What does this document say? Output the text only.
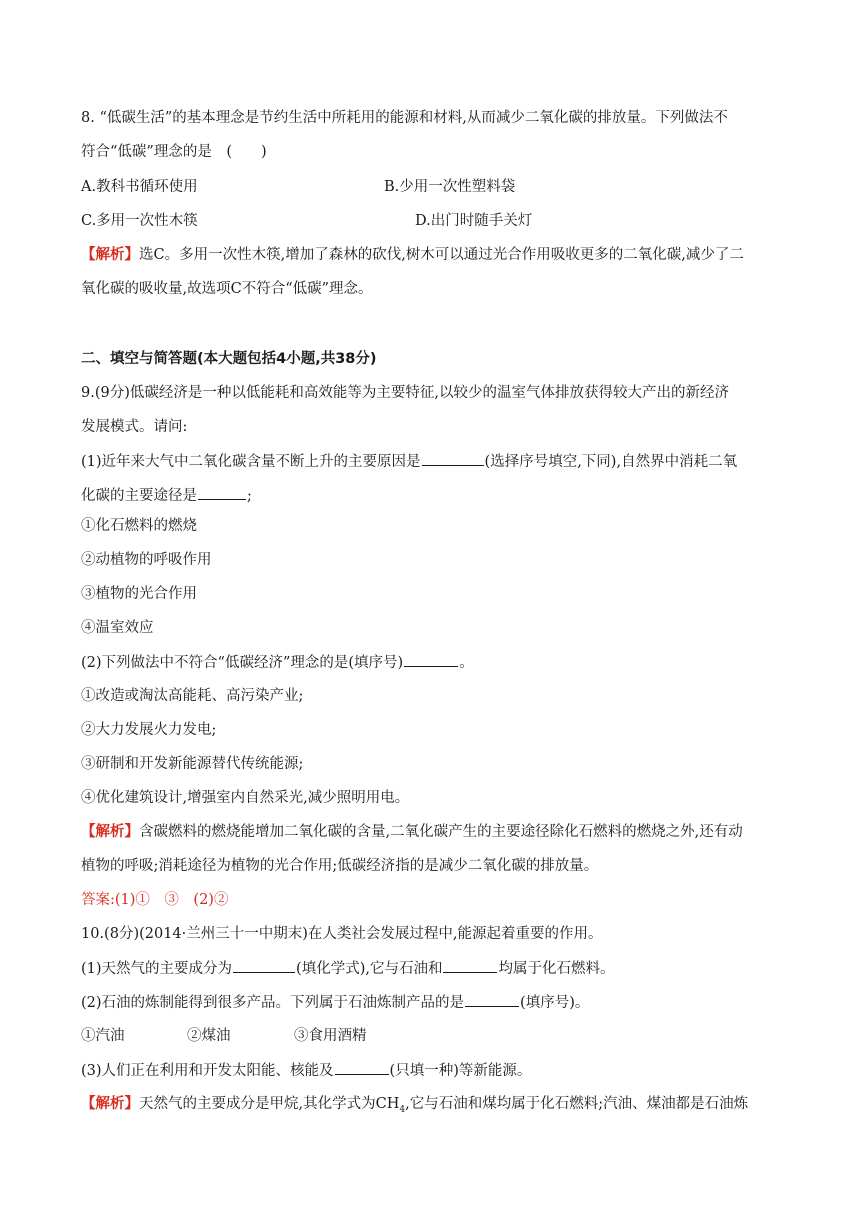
8. “低碳生活”的基本理念是节约生活中所耗用的能源和材料,从而减少二氧化碳的排放量。下列做法不
符合“低碳”理念的是　(　　)
A.教科书循环使用	B.少用一次性塑料袋
C.多用一次性木筷	D.出门时随手关灯
【解析】选C。多用一次性木筷,增加了森林的砍伐,树木可以通过光合作用吸收更多的二氧化碳,减少了二
氧化碳的吸收量,故选项C不符合“低碳”理念。
二、填空与简答题(本大题包括4小题,共38分)
9.(9分)低碳经济是一种以低能耗和高效能等为主要特征,以较少的温室气体排放获得较大产出的新经济
发展模式。请问:
(1)近年来大气中二氧化碳含量不断上升的主要原因是	(选择序号填空,下同),自然界中消耗二氧
化碳的主要途径是	;
①化石燃料的燃烧
②动植物的呼吸作用
③植物的光合作用
④温室效应
(2)下列做法中不符合“低碳经济”理念的是(填序号)	。
①改造或淘汰高能耗、高污染产业;
②大力发展火力发电;
③研制和开发新能源替代传统能源;
④优化建筑设计,增强室内自然采光,减少照明用电。
【解析】含碳燃料的燃烧能增加二氧化碳的含量,二氧化碳产生的主要途径除化石燃料的燃烧之外,还有动
植物的呼吸;消耗途径为植物的光合作用;低碳经济指的是减少二氧化碳的排放量。
答案:(1)①　③　(2)②
10.(8分)(2014·兰州三十一中期末)在人类社会发展过程中,能源起着重要的作用。
(1)天然气的主要成分为	(填化学式),它与石油和	均属于化石燃料。
(2)石油的炼制能得到很多产品。下列属于石油炼制产品的是	(填序号)。
①汽油	②煤油	③食用酒精
(3)人们正在利用和开发太阳能、核能及	(只填一种)等新能源。
【解析】天然气的主要成分是甲烷,其化学式为$CH_4$,它与石油和煤均属于化石燃料;汽油、煤油都是石油炼
